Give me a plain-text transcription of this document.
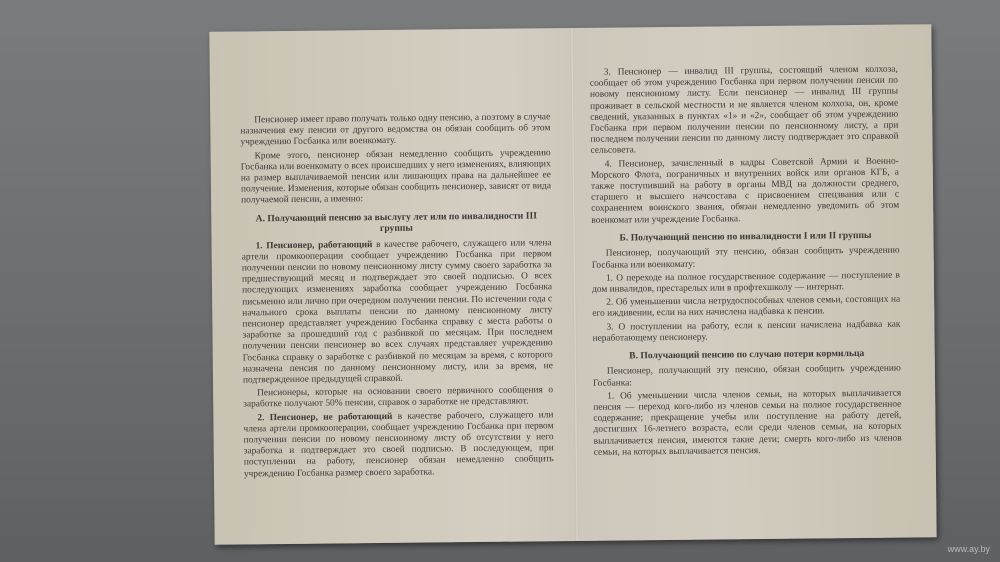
Пенсионер имеет право получать только одну пенсию, а поэтому в случае назначения ему пенсии от другого ведомства он обязан сообщить об этом учреждению Госбанка или военкомату.

Кроме этого, пенсионер обязан немедленно сообщить учреждению Госбанка или военкомату о всех происшедших у него изменениях, влияющих на размер выплачиваемой пенсии или лишающих права на дальнейшее ее получение. Изменения, которые обязан сообщить пенсионер, зависят от вида получаемой пенсии, а именно:

А. Получающий пенсию за выслугу лет или по инвалидности III группы

1. Пенсионер, работающий в качестве рабочего, служащего или члена артели промкооперации сообщает учреждению Госбанка при первом получении пенсии по новому пенсионному листу сумму своего заработка за предшествующий месяц и подтверждает это своей подписью. О всех последующих изменениях заработка сообщает учреждению Госбанка письменно или лично при очередном получении пенсии. По истечении года с начального срока выплаты пенсии по данному пенсионному листу пенсионер представляет учреждению Госбанка справку с места работы о заработке за прошедший год с разбивкой по месяцам. При последнем получении пенсии пенсионер во всех случаях представляет учреждению Госбанка справку о заработке с разбивкой по месяцам за время, с которого назначена пенсия по данному пенсионному листу, или за время, не подтвержденное предыдущей справкой.

Пенсионеры, которые на основании своего первичного сообщения о заработке получают 50% пенсии, справок о заработке не представляют.

2. Пенсионер, не работающий в качестве рабочего, служащего или члена артели промкооперации, сообщает учреждению Госбанка при первом получении пенсии по новому пенсионному листу об отсутствии у него заработка и подтверждает это своей подписью. В последующем, при поступлении на работу, пенсионер обязан немедленно сообщить учреждению Госбанка размер своего заработка.

3. Пенсионер — инвалид III группы, состоящий членом колхоза, сообщает об этом учреждению Госбанка при первом получении пенсии по новому пенсионному листу. Если пенсионер — инвалид III группы проживает в сельской местности и не является членом колхоза, он, кроме сведений, указанных в пунктах «1» и «2», сообщает об этом учреждению Госбанка при первом получении пенсии по пенсионному листу, а при последнем получении пенсии по данному листу подтверждает это справкой сельсовета.

4. Пенсионер, зачисленный в кадры Советской Армии и Военно-Морского Флота, пограничных и внутренних войск или органов КГБ, а также поступивший на работу в органы МВД на должности среднего, старшего и высшего начсостава с присвоением спецзвания или с сохранением воинского звания, обязан немедленно уведомить об этом военкомат или учреждение Госбанка.

Б. Получающий пенсию по инвалидности I или II группы

Пенсионер, получающий эту пенсию, обязан сообщить учреждению Госбанка или военкомату:

1. О переходе на полное государственное содержание — поступление в дом инвалидов, престарелых или в профтехшколу — интернат.

2. Об уменьшении числа нетрудоспособных членов семьи, состоящих на его иждивении, если на них начислена надбавка к пенсии.

3. О поступлении на работу, если к пенсии начислена надбавка как неработающему пенсионеру.

В. Получающий пенсию по случаю потери кормильца

Пенсионер, получающий эту пенсию, обязан сообщить учреждению Госбанка:

1. Об уменьшении числа членов семьи, на которых выплачивается пенсия — переход кого-либо из членов семьи на полное государственное содержание; прекращение учебы или поступление на работу детей, достигших 16-летнего возраста, если среди членов семьи, на которых выплачивается пенсия, имеются такие дети; смерть кого-либо из членов семьи, на которых выплачивается пенсия.

www.ay.by
